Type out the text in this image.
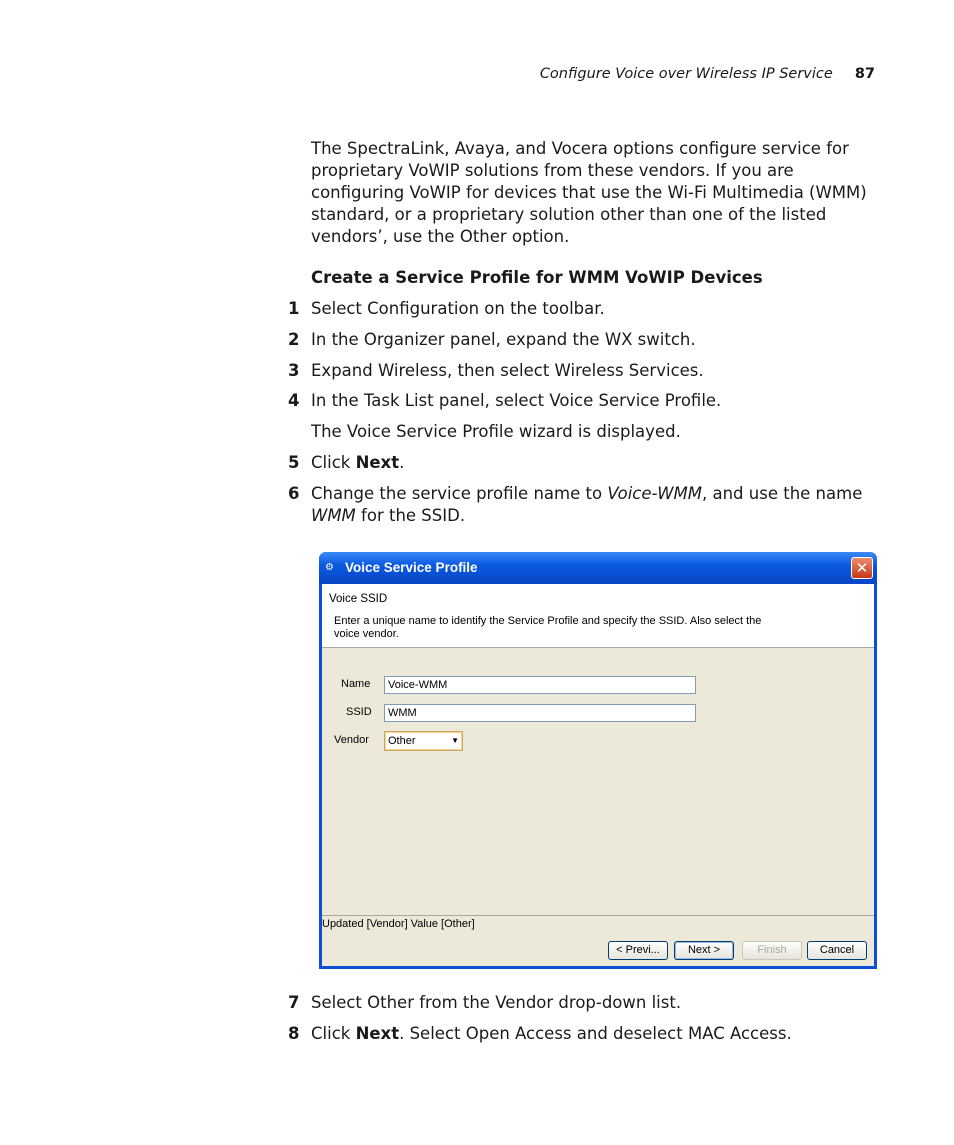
Configure Voice over Wireless IP Service 87
The SpectraLink, Avaya, and Vocera options configure service for proprietary VoWIP solutions from these vendors. If you are configuring VoWIP for devices that use the Wi-Fi Multimedia (WMM) standard, or a proprietary solution other than one of the listed vendors’, use the Other option.
Create a Service Profile for WMM VoWIP Devices
1 Select Configuration on the toolbar.
2 In the Organizer panel, expand the WX switch.
3 Expand Wireless, then select Wireless Services.
4 In the Task List panel, select Voice Service Profile.
The Voice Service Profile wizard is displayed.
5 Click Next.
6 Change the service profile name to Voice-WMM, and use the name
WMM for the SSID.
⚙ Voice Service Profile	✕
Voice SSID
Enter a unique name to identify the Service Profile and specify the SSID. Also select the voice vendor.
Name	Voice-WMM
SSID	WMM
Vendor	Other	▼
Updated [Vendor] Value [Other]
< Previ...	Next >	Finish	Cancel
7 Select Other from the Vendor drop-down list.
8 Click Next. Select Open Access and deselect MAC Access.
